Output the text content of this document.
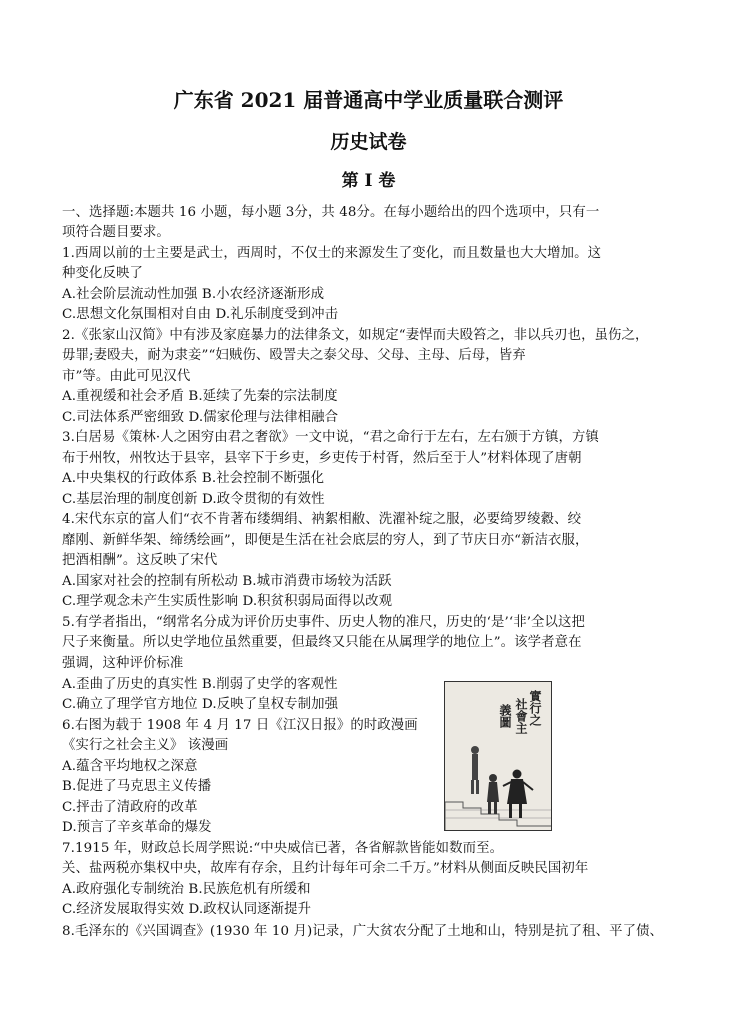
广东省 2021 届普通高中学业质量联合测评
历史试卷
第 I 卷
一、选择题:本题共 16 小题，每小题 3分，共 48分。在每小题给出的四个选项中，只有一
项符合题目要求。
1.西周以前的士主要是武士，西周时，不仅士的来源发生了变化，而且数量也大大增加。这
种变化反映了
A.社会阶层流动性加强 B.小农经济逐渐形成
C.思想文化氛围相对自由 D.礼乐制度受到冲击
2.《张家山汉简》中有涉及家庭暴力的法律条文，如规定“妻悍而夫殴笞之，非以兵刃也，虽伤之，
毋罪;妻殴夫，耐为隶妾”“妇贼伤、殴詈夫之泰父母、父母、主母、后母，皆弃
市”等。由此可见汉代
A.重视缓和社会矛盾 B.延续了先秦的宗法制度
C.司法体系严密细致 D.儒家伦理与法律相融合
3.白居易《策林·人之困穷由君之奢欲》一文中说，“君之命行于左右，左右颁于方镇，方镇
布于州牧，州牧达于县宰，县宰下于乡吏，乡吏传于村胥，然后至于人”材料体现了唐朝
A.中央集权的行政体系 B.社会控制不断强化
C.基层治理的制度创新 D.政令贯彻的有效性
4.宋代东京的富人们“衣不肯著布缕绸绢、衲絮相敝、洗濯补绽之服，必要绮罗绫縠、绞
靡刚、新鲜华架、缔绣绘画”，即便是生活在社会底层的穷人，到了节庆日亦“新洁衣服，
把酒相酬”。这反映了宋代
A.国家对社会的控制有所松动 B.城市消费市场较为活跃
C.理学观念未产生实质性影响 D.积贫积弱局面得以改观
5.有学者指出，“纲常名分成为评价历史事件、历史人物的准尺，历史的‘是’‘非’全以这把
尺子来衡量。所以史学地位虽然重要，但最终又只能在从属理学的地位上”。该学者意在
强调，这种评价标准
A.歪曲了历史的真实性 B.削弱了史学的客观性
C.确立了理学官方地位 D.反映了皇权专制加强
6.右图为载于 1908 年 4 月 17 日《江汉日报》的时政漫画
《实行之社会主义》 该漫画
A.蕴含平均地权之深意
B.促进了马克思主义传播
C.抨击了清政府的改革
D.预言了辛亥革命的爆发
7.1915 年，财政总长周学熙说:“中央威信已著，各省解款皆能如数而至。
关、盐两税亦集权中央，故库有存余，且约计每年可余二千万。”材料从侧面反映民国初年
A.政府强化专制统治 B.民族危机有所缓和
C.经济发展取得实效 D.政权认同逐渐提升
8.毛泽东的《兴国调查》(1930 年 10 月)记录，广大贫农分配了土地和山，特别是抗了租、平了债、
實行之
社會主
義圖
